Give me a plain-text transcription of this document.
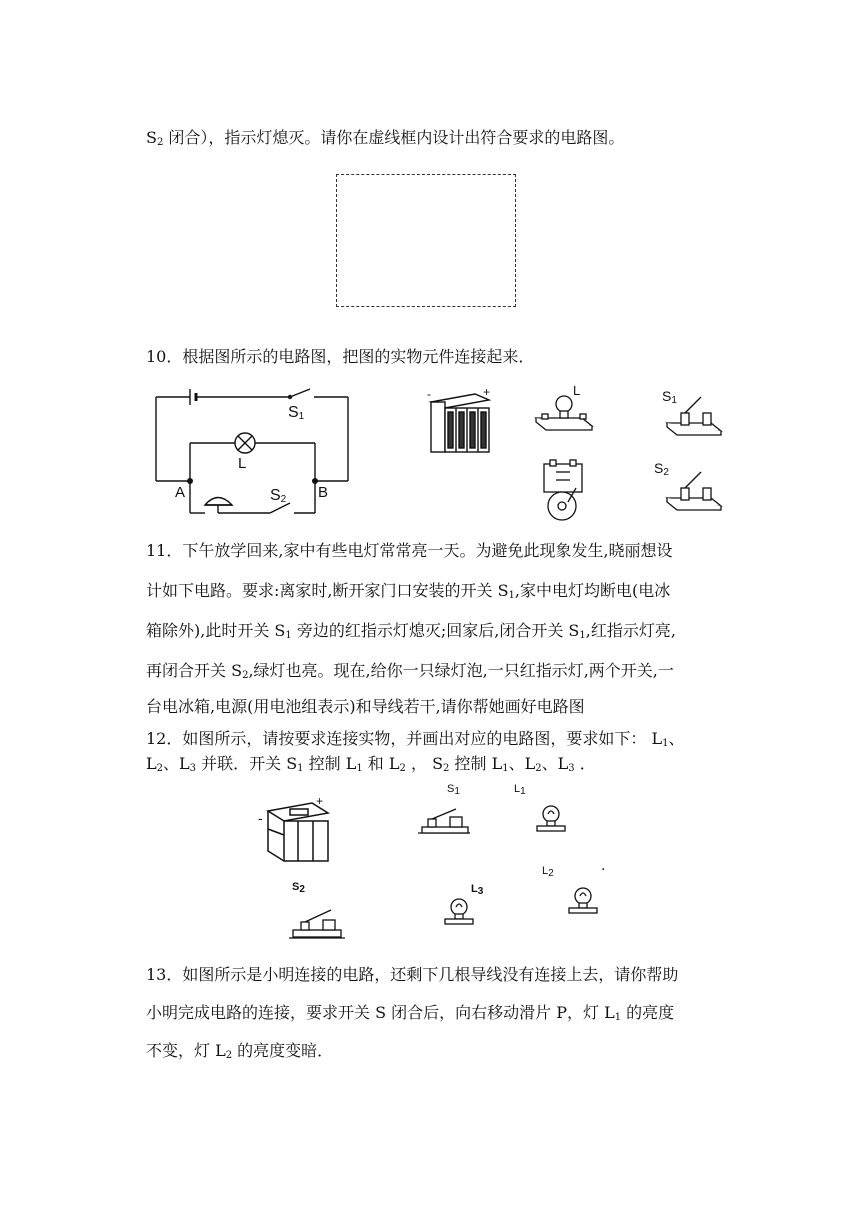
$S_2$ 闭合），指示灯熄灭。请你在虚线框内设计出符合要求的电路图。
10．根据图所示的电路图，把图的实物元件连接起来．
$S_1$
L
A	B
$S_2$
-	+	L	$S_1$
$S_2$
11．下午放学回来,家中有些电灯常常亮一天。为避免此现象发生,晓丽想设
计如下电路。要求:离家时,断开家门口安装的开关 $S_1$,家中电灯均断电(电冰
箱除外),此时开关 $S_1$ 旁边的红指示灯熄灭;回家后,闭合开关 $S_1$,红指示灯亮,
再闭合开关 $S_2$,绿灯也亮。现在,给你一只绿灯泡,一只红指示灯,两个开关,一
台电冰箱,电源(用电池组表示)和导线若干,请你帮她画好电路图
12．如图所示，请按要求连接实物，并画出对应的电路图，要求如下： $L_1$、
$L_2$、$L_3$ 并联．开关 $S_1$ 控制 $L_1$ 和 $L_2$ ， $S_2$ 控制 $L_1$、$L_2$、$L_3$ ．
-
+
$S_1$	$L_1$
$S_2$	$L_3$
$L_2$	.
13．如图所示是小明连接的电路，还剩下几根导线没有连接上去，请你帮助
小明完成电路的连接，要求开关 S 闭合后，向右移动滑片 P，灯 $L_1$ 的亮度
不变，灯 $L_2$ 的亮度变暗．
